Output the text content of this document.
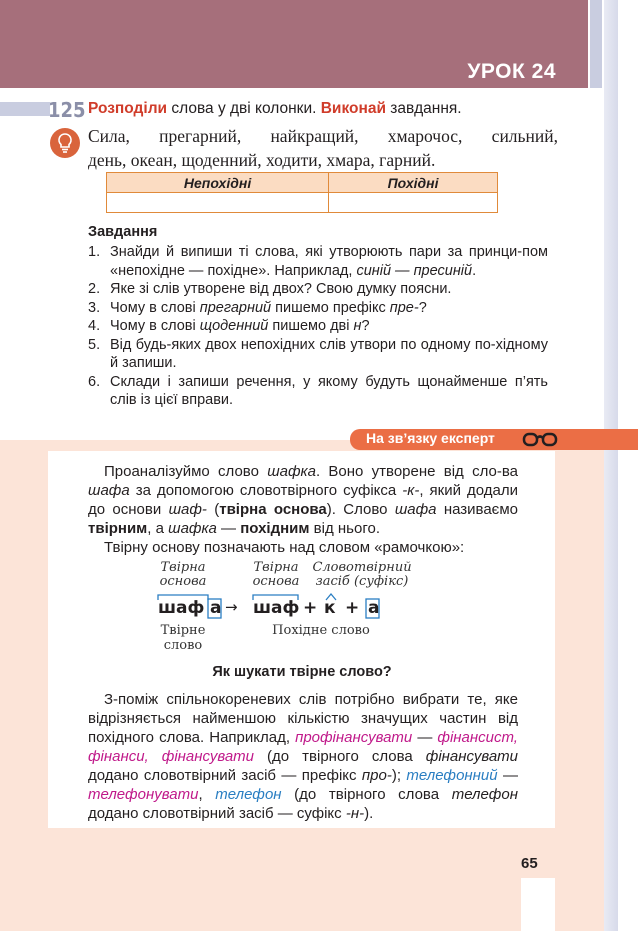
УРОК 24
125 Розподіли слова у дві колонки. Виконай завдання.
Сила, прегарний, найкращий, хмарочос, сильний,
день, океан, щоденний, ходити, хмара, гарний.
Непохідні	Похідні

Завдання
1. Знайди й випиши ті слова, які утворюють пари за принци-пом «непохідне — похідне». Наприклад, синій — пресиній.
2. Яке зі слів утворене від двох? Свою думку поясни.
3. Чому в слові прегарний пишемо префікс пре-?
4. Чому в слові щоденний пишемо дві н?
5. Від будь-яких двох непохідних слів утвори по одному по-хідному й запиши.
6. Склади і запиши речення, у якому будуть щонайменше п’ять слів із цієї вправи.
На зв’язку експерт
Проаналізуймо слово шафка. Воно утворене від сло-ва шафа за допомогою словотвірного суфікса -к-, який додали до основи шаф- (твірна основа). Слово шафа називаємо твірним, а шафка — похідним від нього.
Твірну основу позначають над словом «рамочкою»:
Твірна основа
Твірна основа
Словотвірний засіб (суфікс)
шаф а → шаф + к + а
Твірне слово
Похідне слово
Як шукати твірне слово?
З-поміж спільнокореневих слів потрібно вибрати те, яке відрізняється найменшою кількістю значущих частин від похідного слова. Наприклад, профінансувати — фінансист, фінанси, фінансувати (до твірного слова фінансувати додано словотвірний засіб — префікс про-); телефонний — телефонувати, телефон (до твірного слова телефон додано словотвірний засіб — суфікс -н-).
65
